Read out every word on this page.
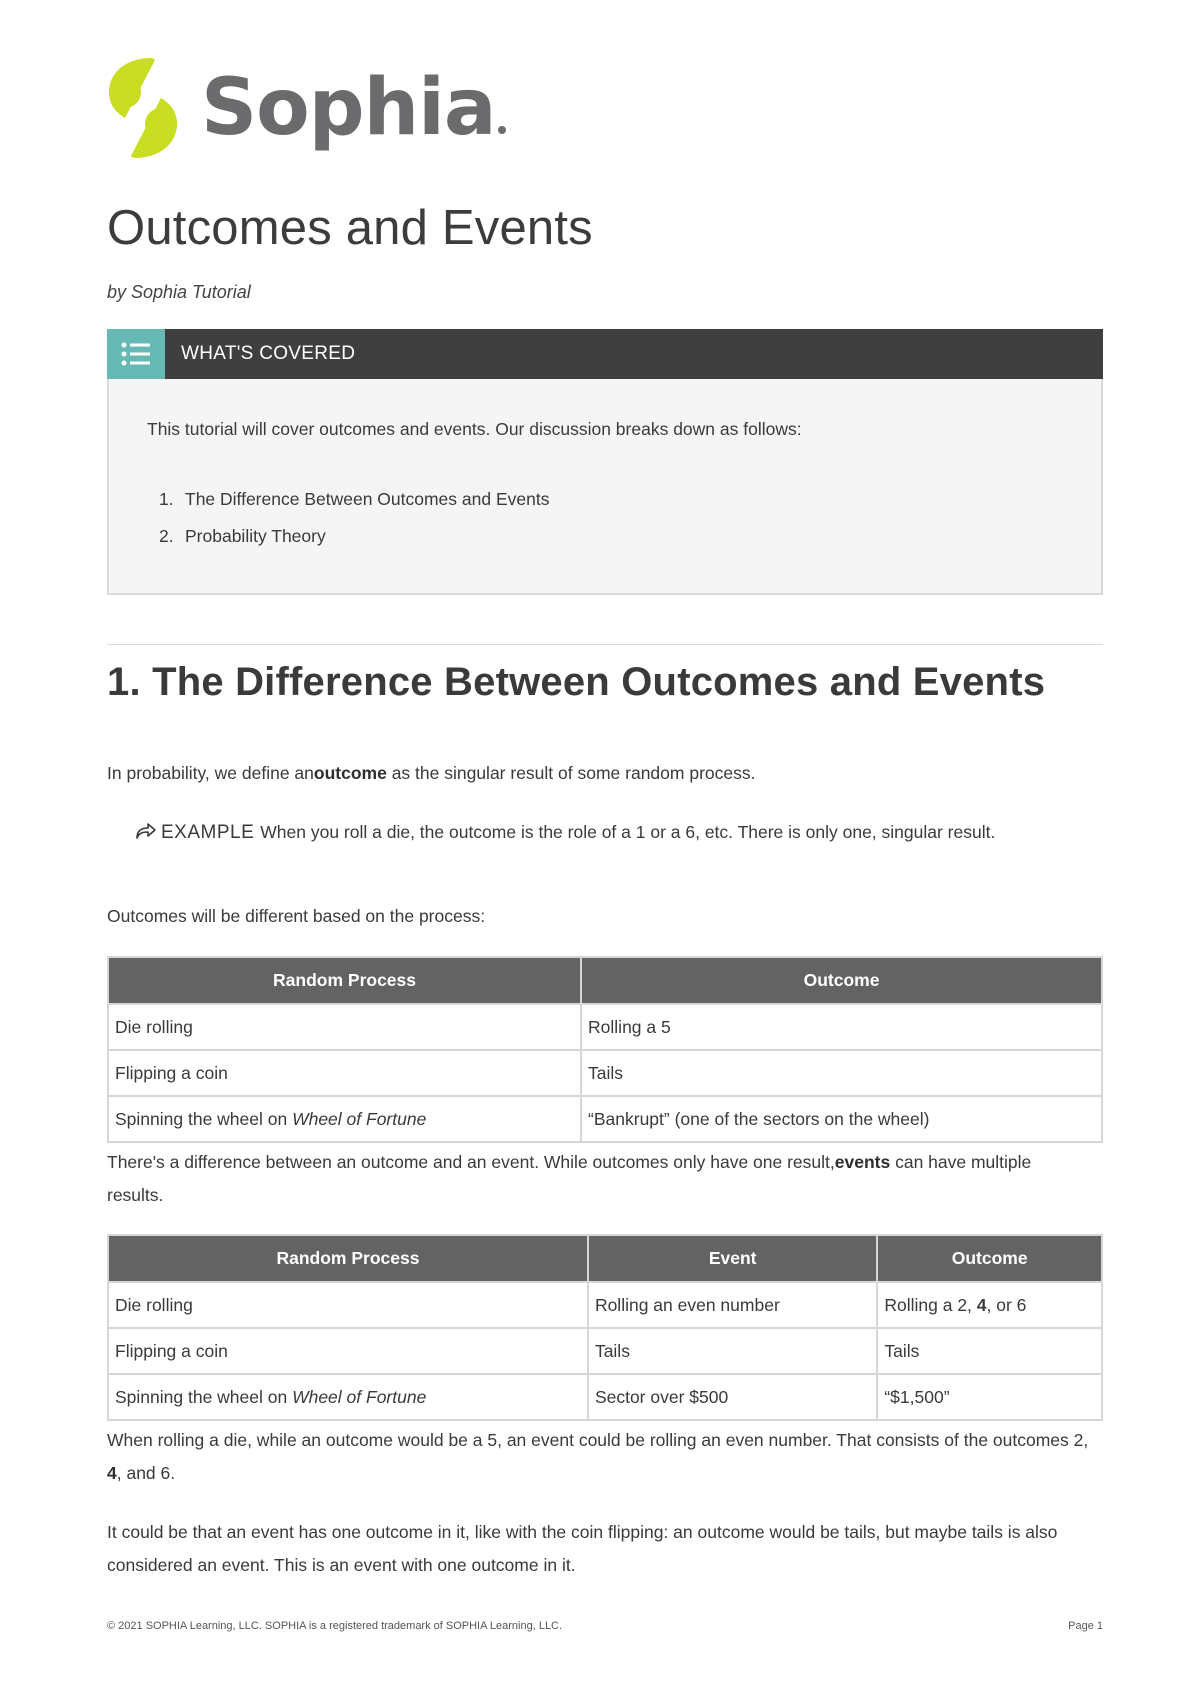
Sophia
Outcomes and Events
by Sophia Tutorial
WHAT'S COVERED
This tutorial will cover outcomes and events. Our discussion breaks down as follows:
1. The Difference Between Outcomes and Events
2. Probability Theory
1. The Difference Between Outcomes and Events

In probability, we define anoutcome as the singular result of some random process.

EXAMPLE When you roll a die, the outcome is the role of a 1 or a 6, etc. There is only one, singular result.

Outcomes will be different based on the process:

Random Process	Outcome
Die rolling	Rolling a 5
Flipping a coin	Tails
Spinning the wheel on Wheel of Fortune	“Bankrupt” (one of the sectors on the wheel)

There's a difference between an outcome and an event. While outcomes only have one result,events can have multiple results.

Random Process	Event	Outcome
Die rolling	Rolling an even number	Rolling a 2, 4, or 6
Flipping a coin	Tails	Tails
Spinning the wheel on Wheel of Fortune	Sector over $500	“$1,500”

When rolling a die, while an outcome would be a 5, an event could be rolling an even number. That consists of the outcomes 2, 4, and 6.

It could be that an event has one outcome in it, like with the coin flipping: an outcome would be tails, but maybe tails is also considered an event. This is an event with one outcome in it.

© 2021 SOPHIA Learning, LLC. SOPHIA is a registered trademark of SOPHIA Learning, LLC.	Page 1
